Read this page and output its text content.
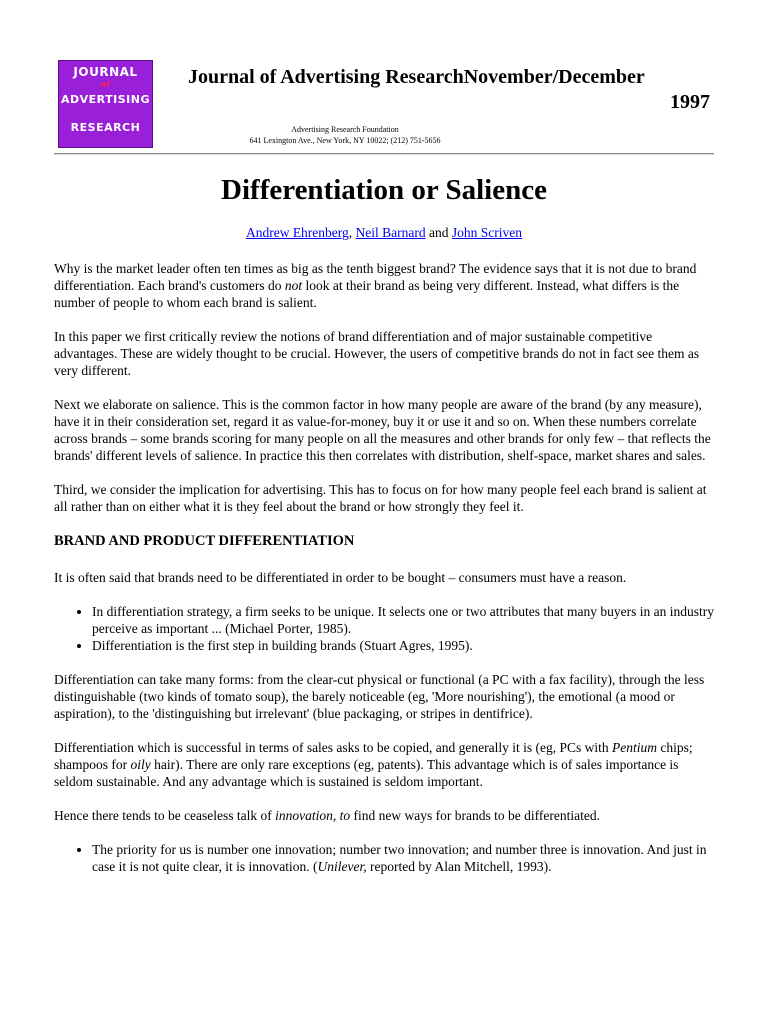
JOURNAL
of
ADVERTISING
RESEARCH
Journal of Advertising ResearchNovember/December
1997
Advertising Research Foundation
641 Lexington Ave., New York, NY 10022; (212) 751-5656
Differentiation or Salience
Andrew Ehrenberg, Neil Barnard and John Scriven

Why is the market leader often ten times as big as the tenth biggest brand? The evidence says that it is not due to brand differentiation. Each brand's customers do not look at their brand as being very different. Instead, what differs is the number of people to whom each brand is salient.

In this paper we first critically review the notions of brand differentiation and of major sustainable competitive advantages. These are widely thought to be crucial. However, the users of competitive brands do not in fact see them as very different.

Next we elaborate on salience. This is the common factor in how many people are aware of the brand (by any measure), have it in their consideration set, regard it as value-for-money, buy it or use it and so on. When these numbers correlate across brands – some brands scoring for many people on all the measures and other brands for only few – that reflects the brands' different levels of salience. In practice this then correlates with distribution, shelf-space, market shares and sales.

Third, we consider the implication for advertising. This has to focus on for how many people feel each brand is salient at all rather than on either what it is they feel about the brand or how strongly they feel it.

BRAND AND PRODUCT DIFFERENTIATION

It is often said that brands need to be differentiated in order to be bought – consumers must have a reason.

• In differentiation strategy, a firm seeks to be unique. It selects one or two attributes that many buyers in an industry perceive as important ... (Michael Porter, 1985).
• Differentiation is the first step in building brands (Stuart Agres, 1995).

Differentiation can take many forms: from the clear-cut physical or functional (a PC with a fax facility), through the less distinguishable (two kinds of tomato soup), the barely noticeable (eg, 'More nourishing'), the emotional (a mood or aspiration), to the 'distinguishing but irrelevant' (blue packaging, or stripes in dentifrice).

Differentiation which is successful in terms of sales asks to be copied, and generally it is (eg, PCs with Pentium chips; shampoos for oily hair). There are only rare exceptions (eg, patents). This advantage which is of sales importance is seldom sustainable. And any advantage which is sustained is seldom important.

Hence there tends to be ceaseless talk of innovation, to find new ways for brands to be differentiated.

• The priority for us is number one innovation; number two innovation; and number three is innovation. And just in case it is not quite clear, it is innovation. (Unilever, reported by Alan Mitchell, 1993).
